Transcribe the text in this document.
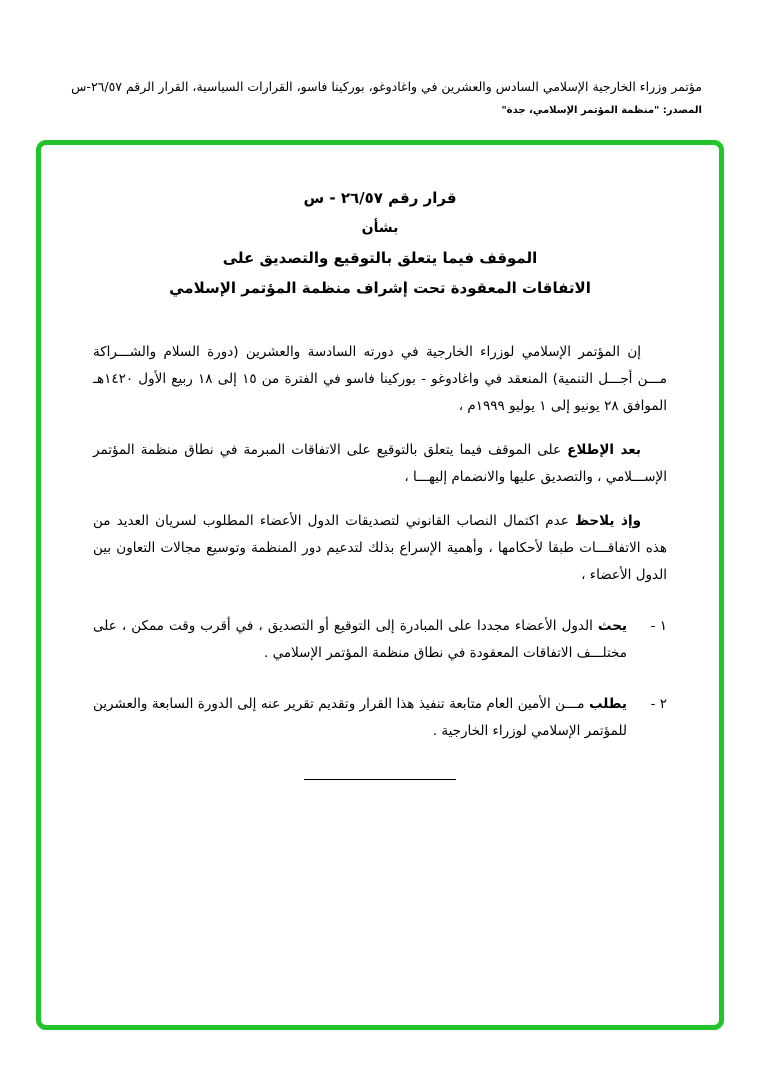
مؤتمر وزراء الخارجية الإسلامي السادس والعشرين في واغادوغو، بوركينا فاسو، القرارات السياسية، القرار الرقم ٢٦/٥٧-س
المصدر: "منظمة المؤتمر الإسلامي، جدة"
قرار رقم ٢٦/٥٧ - س
بشأن
الموقف فيما يتعلق بالتوقيع والتصديق على
الاتفاقات المعقودة تحت إشراف منظمة المؤتمر الإسلامي

إن المؤتمر الإسلامي لوزراء الخارجية في دورته السادسة والعشرين (دورة السلام والشـــراكة مـــن أجـــل التنمية) المنعقد في واغادوغو - بوركينا فاسو في الفترة من ١٥ إلى ١٨ ربيع الأول ١٤٢٠هـ الموافق ٢٨ يونيو إلى ١ يوليو ١٩٩٩م ،

بعد الإطلاع على الموقف فيما يتعلق بالتوقيع على الاتفاقات المبرمة في نطاق منظمة المؤتمر الإســـلامي ، والتصديق عليها والانضمام إليهـــا ،

وإذ يلاحظ عدم اكتمال النصاب القانوني لتصديقات الدول الأعضاء المطلوب لسريان العديد من هذه الاتفاقـــات طبقا لأحكامها ، وأهمية الإسراع بذلك لتدعيم دور المنظمة وتوسيع مجالات التعاون بين الدول الأعضاء ،

١ -
يحث الدول الأعضاء مجددا على المبادرة إلى التوقيع أو التصديق ، في أقرب وقت ممكن ، على مختلـــف الاتفاقات المعقودة في نطاق منظمة المؤتمر الإسلامي .
٢ -
يطلب مـــن الأمين العام متابعة تنفيذ هذا القرار وتقديم تقرير عنه إلى الدورة السابعة والعشرين للمؤتمر الإسلامي لوزراء الخارجية .
